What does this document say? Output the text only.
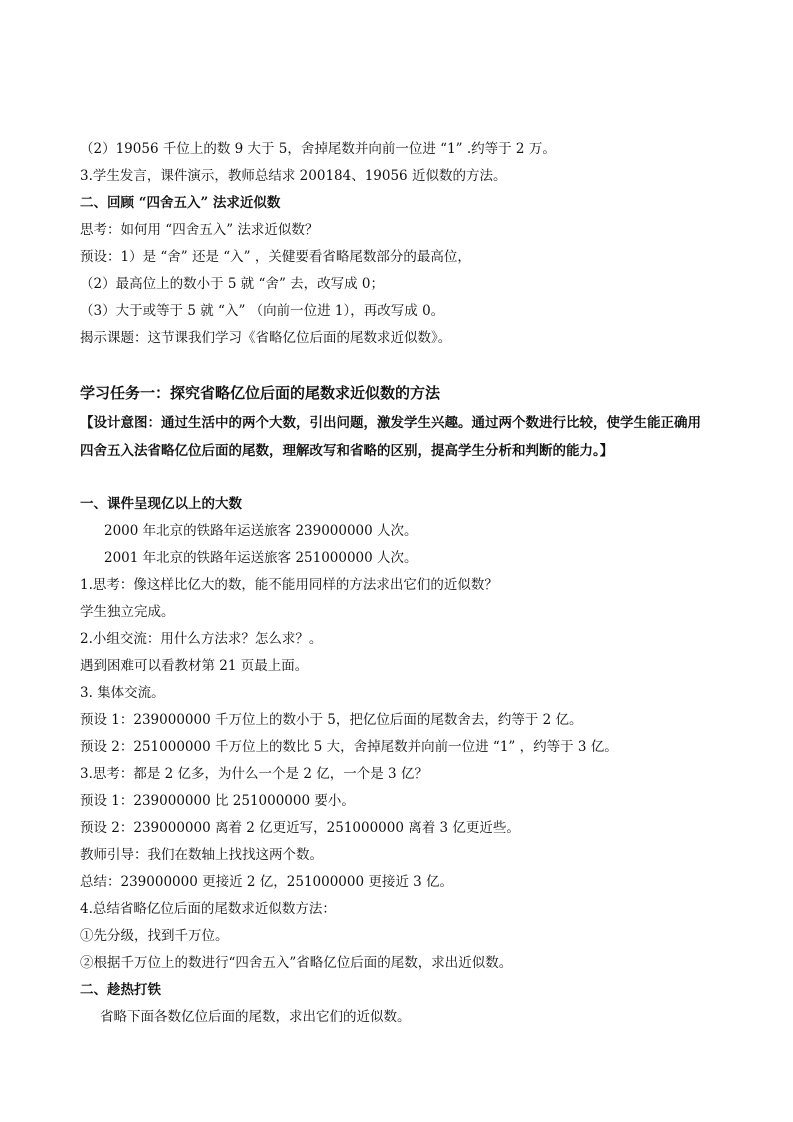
（2）19056 千位上的数 9 大于 5，舍掉尾数并向前一位进 “1” .约等于 2 万。
3.学生发言，课件演示，教师总结求 200184、19056 近似数的方法。
二、回顾 “四舍五入” 法求近似数
思考：如何用 “四舍五入” 法求近似数？
预设：1）是 “舍” 还是 “入” ，关健要看省略尾数部分的最高位，
（2）最高位上的数小于 5 就 “舍” 去，改写成 0；
（3）大于或等于 5 就 “入” （向前一位进 1），再改写成 0。
揭示课题：这节课我们学习《省略亿位后面的尾数求近似数》。
学习任务一：探究省略亿位后面的尾数求近似数的方法
【设计意图：通过生活中的两个大数，引出问题，激发学生兴趣。通过两个数进行比较，使学生能正确用
四舍五入法省略亿位后面的尾数，理解改写和省略的区别，提高学生分析和判断的能力。】
一、课件呈现亿以上的大数
2000 年北京的铁路年运送旅客 239000000 人次。
2001 年北京的铁路年运送旅客 251000000 人次。
1.思考：像这样比亿大的数，能不能用同样的方法求出它们的近似数？
学生独立完成。
2.小组交流：用什么方法求？怎么求？。
遇到困难可以看教材第 21 页最上面。
3. 集体交流。
预设 1：239000000 千万位上的数小于 5，把亿位后面的尾数舍去，约等于 2 亿。
预设 2：251000000 千万位上的数比 5 大，舍掉尾数并向前一位进 “1” ，约等于 3 亿。
3.思考：都是 2 亿多，为什么一个是 2 亿，一个是 3 亿？
预设 1：239000000 比 251000000 要小。
预设 2：239000000 离着 2 亿更近写，251000000 离着 3 亿更近些。
教师引导：我们在数轴上找找这两个数。
总结：239000000 更接近 2 亿，251000000 更接近 3 亿。
4.总结省略亿位后面的尾数求近似数方法：
①先分级，找到千万位。
②根据千万位上的数进行“四舍五入”省略亿位后面的尾数，求出近似数。
二、趁热打铁
省略下面各数亿位后面的尾数，求出它们的近似数。
